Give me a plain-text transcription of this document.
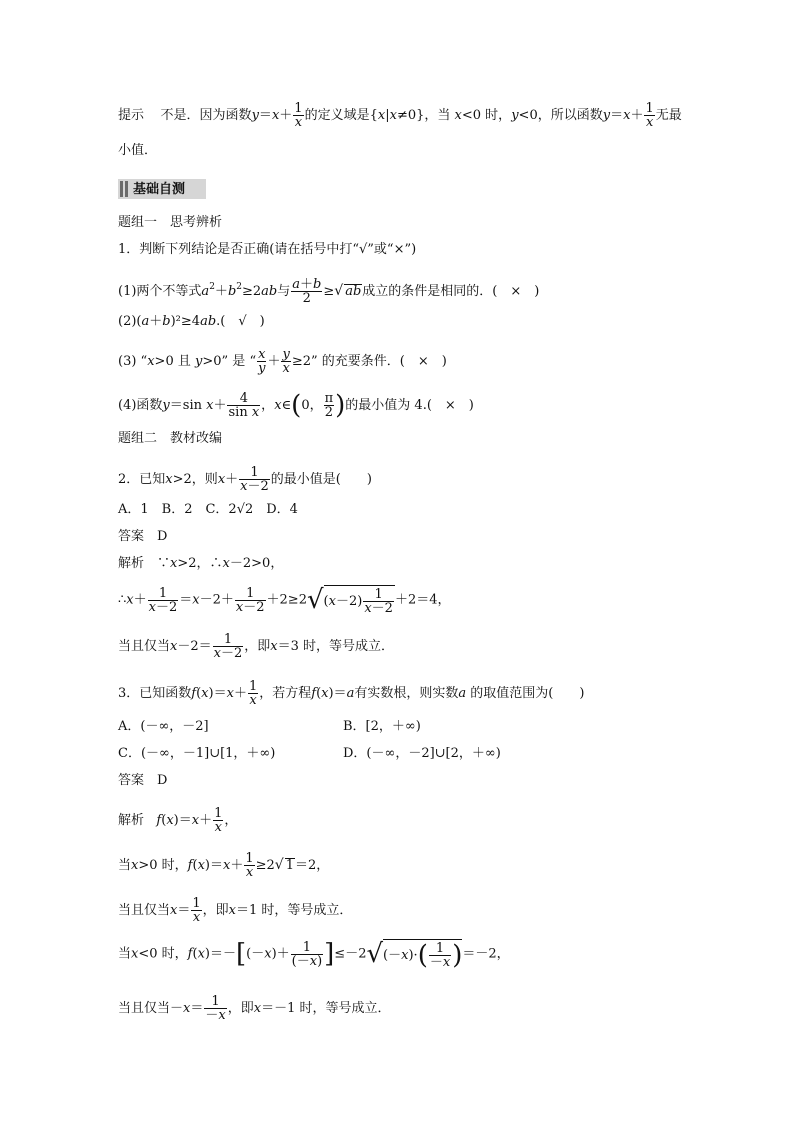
提示 不是．因为函数$y=x+ \frac{1}{x}$ 的定义域是{x|x≠0}，当 x<0 时，y<0，所以函数$y=x+ \frac{1}{x}$ 无最
小值．
基础自测
题组一　思考辨析
1．判断下列结论是否正确(请在括号中打“√”或“×”)
(1)两个不等式$a^2+b^2\ge 2ab$与 $\frac{a+b}{2}$ ≥√ ab成立的条件是相同的．(　×　)
(2)(a＋b)²≥4ab.(　√　)
(3) “x>0 且 y>0” 是 “ $\frac{x}{y} + \frac{y}{x} \ge 2$” 的充要条件．(　×　)
(4)函数y＝sin $x+ \frac{4}{\text{sin x}}$ ，x∈(0， $\frac{\pi}{2}$ )的最小值为 4.(　×　)
题组二　教材改编
2．已知x>2，则$x+ \frac{1}{x-2}$ 的最小值是(　　)
A．1　B．2　C．2√2　D．4
答案　D
解析　∵x>2，∴x－2>0，
∴x＋ $\frac{1}{x-2} =x-2+ \frac{1}{x-2} +2\ge 2√(x-2) \frac{1}{x-2} +2=4$，
当且仅当$x-2= \frac{1}{x-2}$ ，即x＝3 时，等号成立．
3．已知函数$f(x)=x+ \frac{1}{x}$ ，若方程f(x)＝a有实数根，则实数a 的取值范围为(　　)
A．(－∞，－2]	B．[2，＋∞)
C．(－∞，－1]∪[1，＋∞)	D．(－∞，－2]∪[2，＋∞)
答案　D
解析 $f(x)=x+ \frac{1}{x}$ ，
当x>0 时，$f(x)=x+ \frac{1}{x} \ge 2√$ 1＝2，
当且仅当$x= \frac{1}{x}$ ，即x＝1 时，等号成立．
当x<0 时，$f(x)=-[(-x)+ \frac{1}{(-x)} ]\le-2√(-x)\cdot( \frac{1}{-x} )=-2$，
当且仅当$-x= \frac{1}{-x}$ ，即x＝－1 时，等号成立．
